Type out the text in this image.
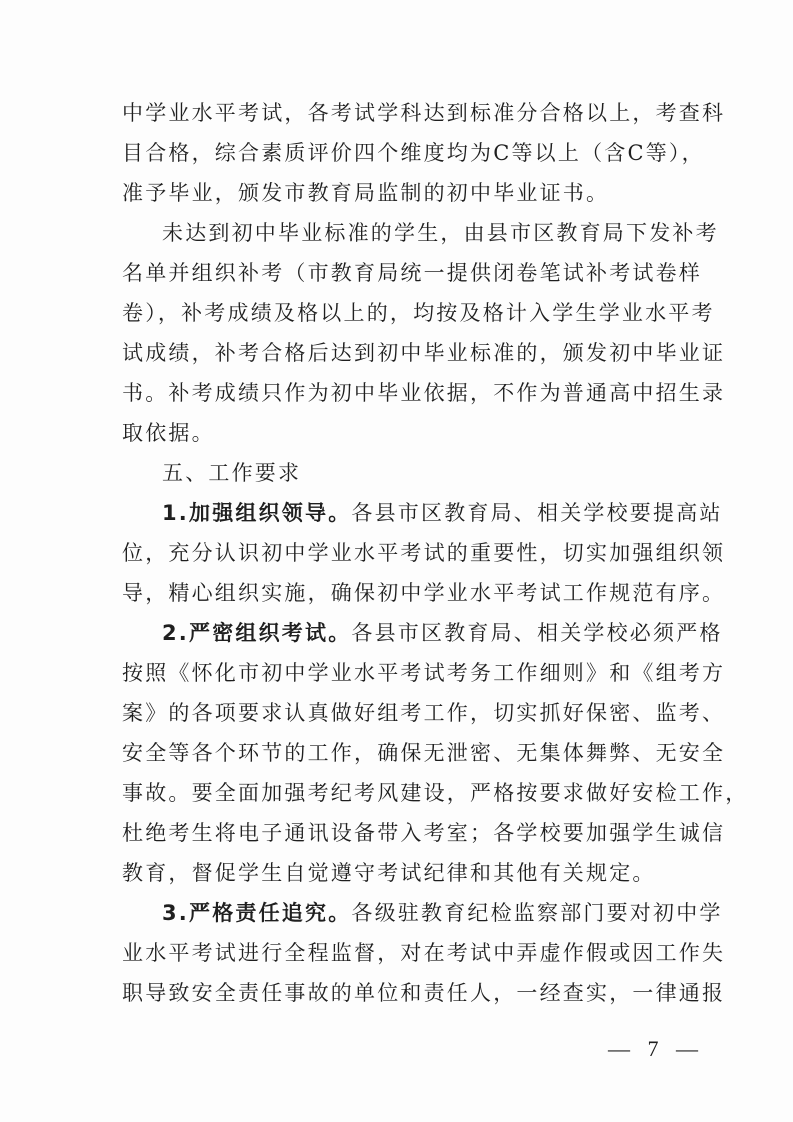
中学业水平考试，各考试学科达到标准分合格以上，考查科
目合格，综合素质评价四个维度均为C等以上（含C等），
准予毕业，颁发市教育局监制的初中毕业证书。
未达到初中毕业标准的学生，由县市区教育局下发补考
名单并组织补考（市教育局统一提供闭卷笔试补考试卷样
卷），补考成绩及格以上的，均按及格计入学生学业水平考
试成绩，补考合格后达到初中毕业标准的，颁发初中毕业证
书。补考成绩只作为初中毕业依据，不作为普通高中招生录
取依据。
五、工作要求
1.加强组织领导。各县市区教育局、相关学校要提高站
位，充分认识初中学业水平考试的重要性，切实加强组织领
导，精心组织实施，确保初中学业水平考试工作规范有序。
2.严密组织考试。各县市区教育局、相关学校必须严格
按照《怀化市初中学业水平考试考务工作细则》和《组考方
案》的各项要求认真做好组考工作，切实抓好保密、监考、
安全等各个环节的工作，确保无泄密、无集体舞弊、无安全
事故。要全面加强考纪考风建设，严格按要求做好安检工作，
杜绝考生将电子通讯设备带入考室；各学校要加强学生诚信
教育，督促学生自觉遵守考试纪律和其他有关规定。
3.严格责任追究。各级驻教育纪检监察部门要对初中学
业水平考试进行全程监督，对在考试中弄虚作假或因工作失
职导致安全责任事故的单位和责任人，一经查实，一律通报
— 7 —
